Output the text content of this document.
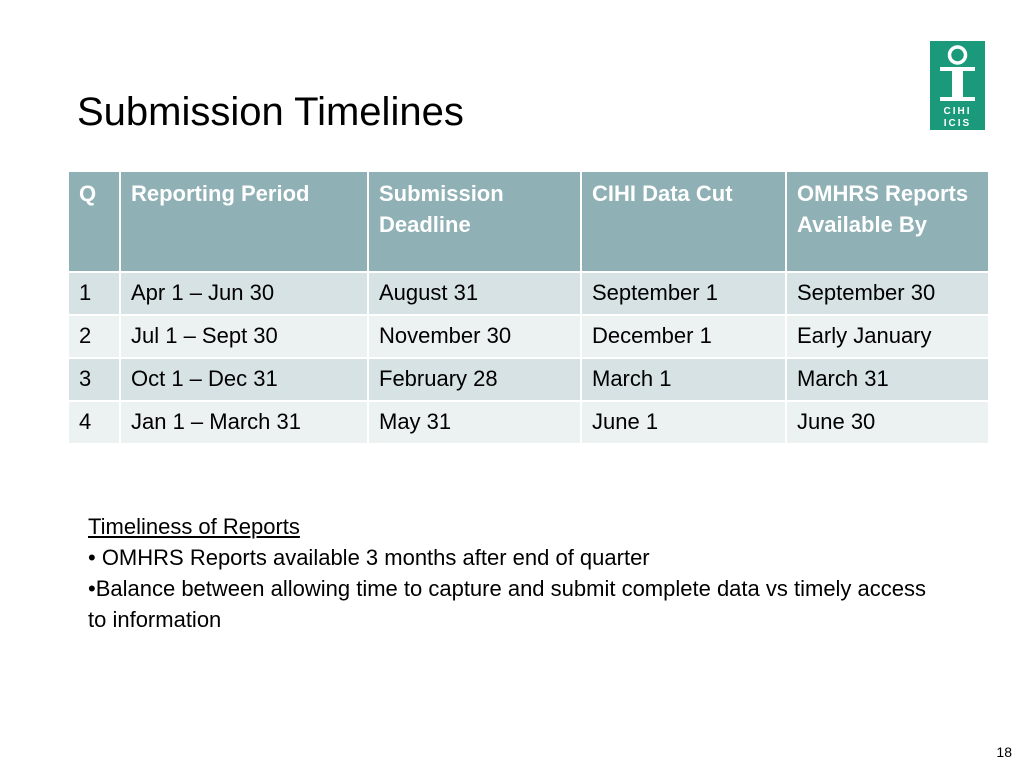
Submission Timelines	CIHI
ICIS
Q	Reporting Period	Submission Deadline	CIHI Data Cut	OMHRS Reports Available By
1	Apr 1 – Jun 30	August 31	September 1	September 30
2	Jul 1 – Sept 30	November 30	December 1	Early January
3	Oct 1 – Dec 31	February 28	March 1	March 31
4	Jan 1 – March 31	May 31	June 1	June 30
Timeliness of Reports
• OMHRS Reports available 3 months after end of quarter
•Balance between allowing time to capture and submit complete data vs timely access to information
18
